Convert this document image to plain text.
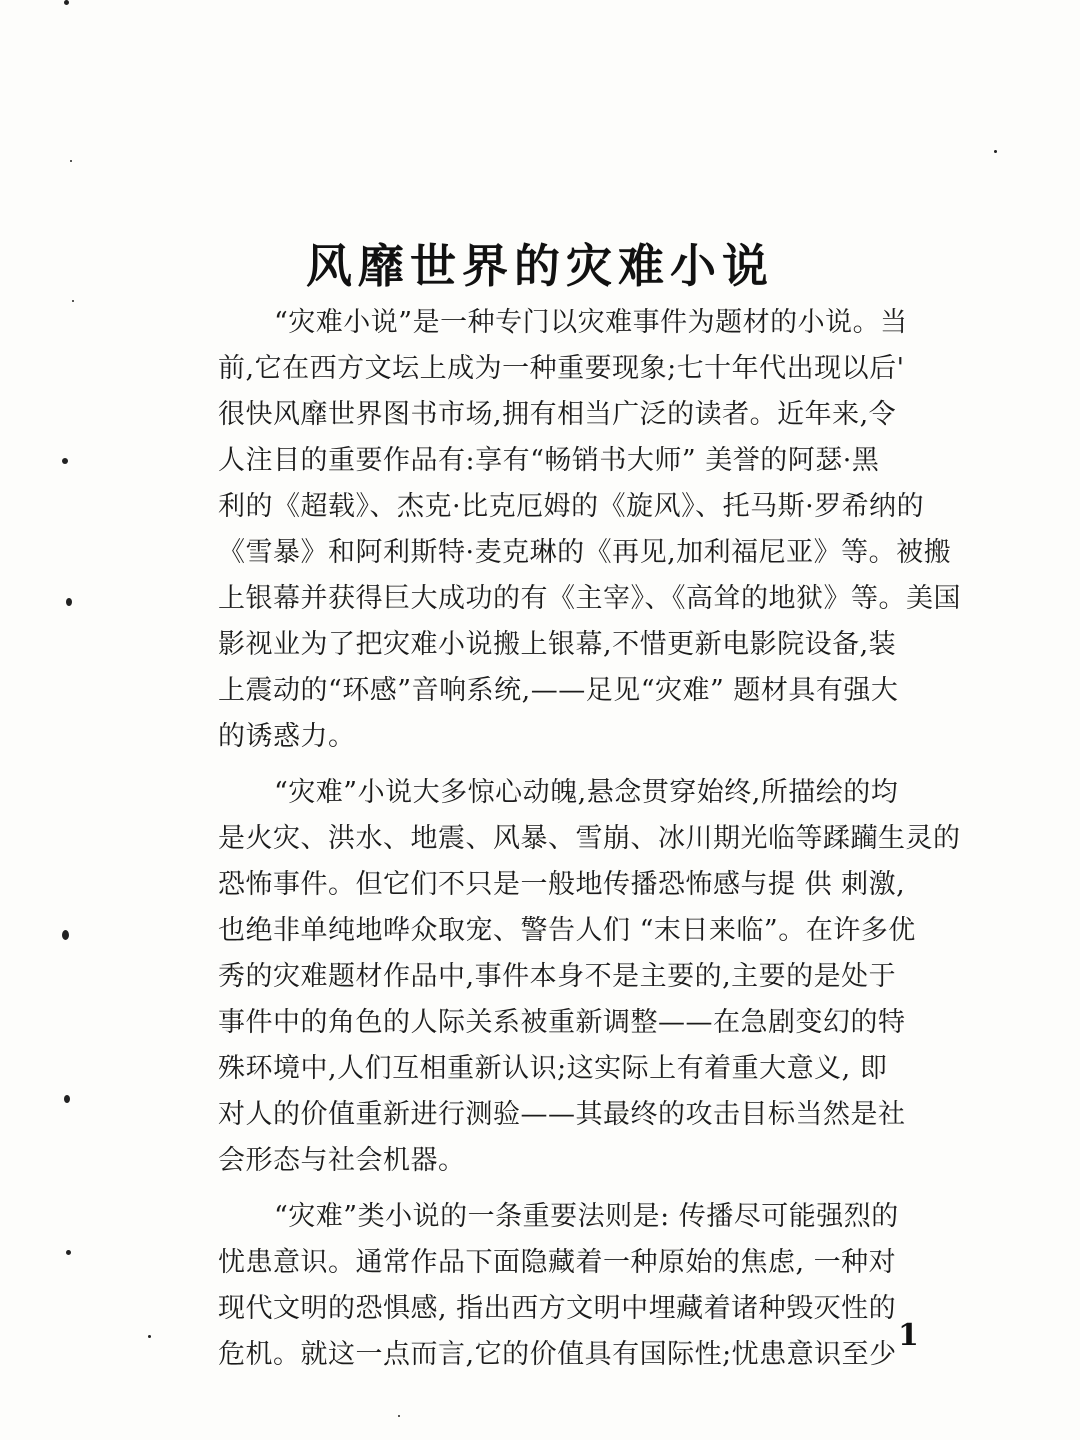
风靡世界的灾难小说

“灾难小说”是一种专门以灾难事件为题材的小说。当
前,它在西方文坛上成为一种重要现象;七十年代出现以后'
很快风靡世界图书市场,拥有相当广泛的读者。近年来,令
人注目的重要作品有:享有“畅销书大师” 美誉的阿瑟·黑
利的《超载》、杰克·比克厄姆的《旋风》、托马斯·罗希纳的
《雪暴》和阿利斯特·麦克琳的《再见,加利福尼亚》等。被搬
上银幕并获得巨大成功的有《主宰》、《高耸的地狱》等。美国
影视业为了把灾难小说搬上银幕,不惜更新电影院设备,装
上震动的“环感”音响系统,——足见“灾难” 题材具有强大
的诱惑力。

“灾难”小说大多惊心动魄,悬念贯穿始终,所描绘的均
是火灾、洪水、地震、风暴、雪崩、冰川期光临等蹂躏生灵的
恐怖事件。但它们不只是一般地传播恐怖感与提 供 刺激,
也绝非单纯地哗众取宠、警告人们 “末日来临”。在许多优
秀的灾难题材作品中,事件本身不是主要的,主要的是处于
事件中的角色的人际关系被重新调整——在急剧变幻的特
殊环境中,人们互相重新认识;这实际上有着重大意义, 即
对人的价值重新进行测验——其最终的攻击目标当然是社
会形态与社会机器。

“灾难”类小说的一条重要法则是: 传播尽可能强烈的
忧患意识。通常作品下面隐藏着一种原始的焦虑, 一种对
现代文明的恐惧感, 指出西方文明中埋藏着诸种毁灭性的
危机。就这一点而言,它的价值具有国际性;忧患意识至少

1
